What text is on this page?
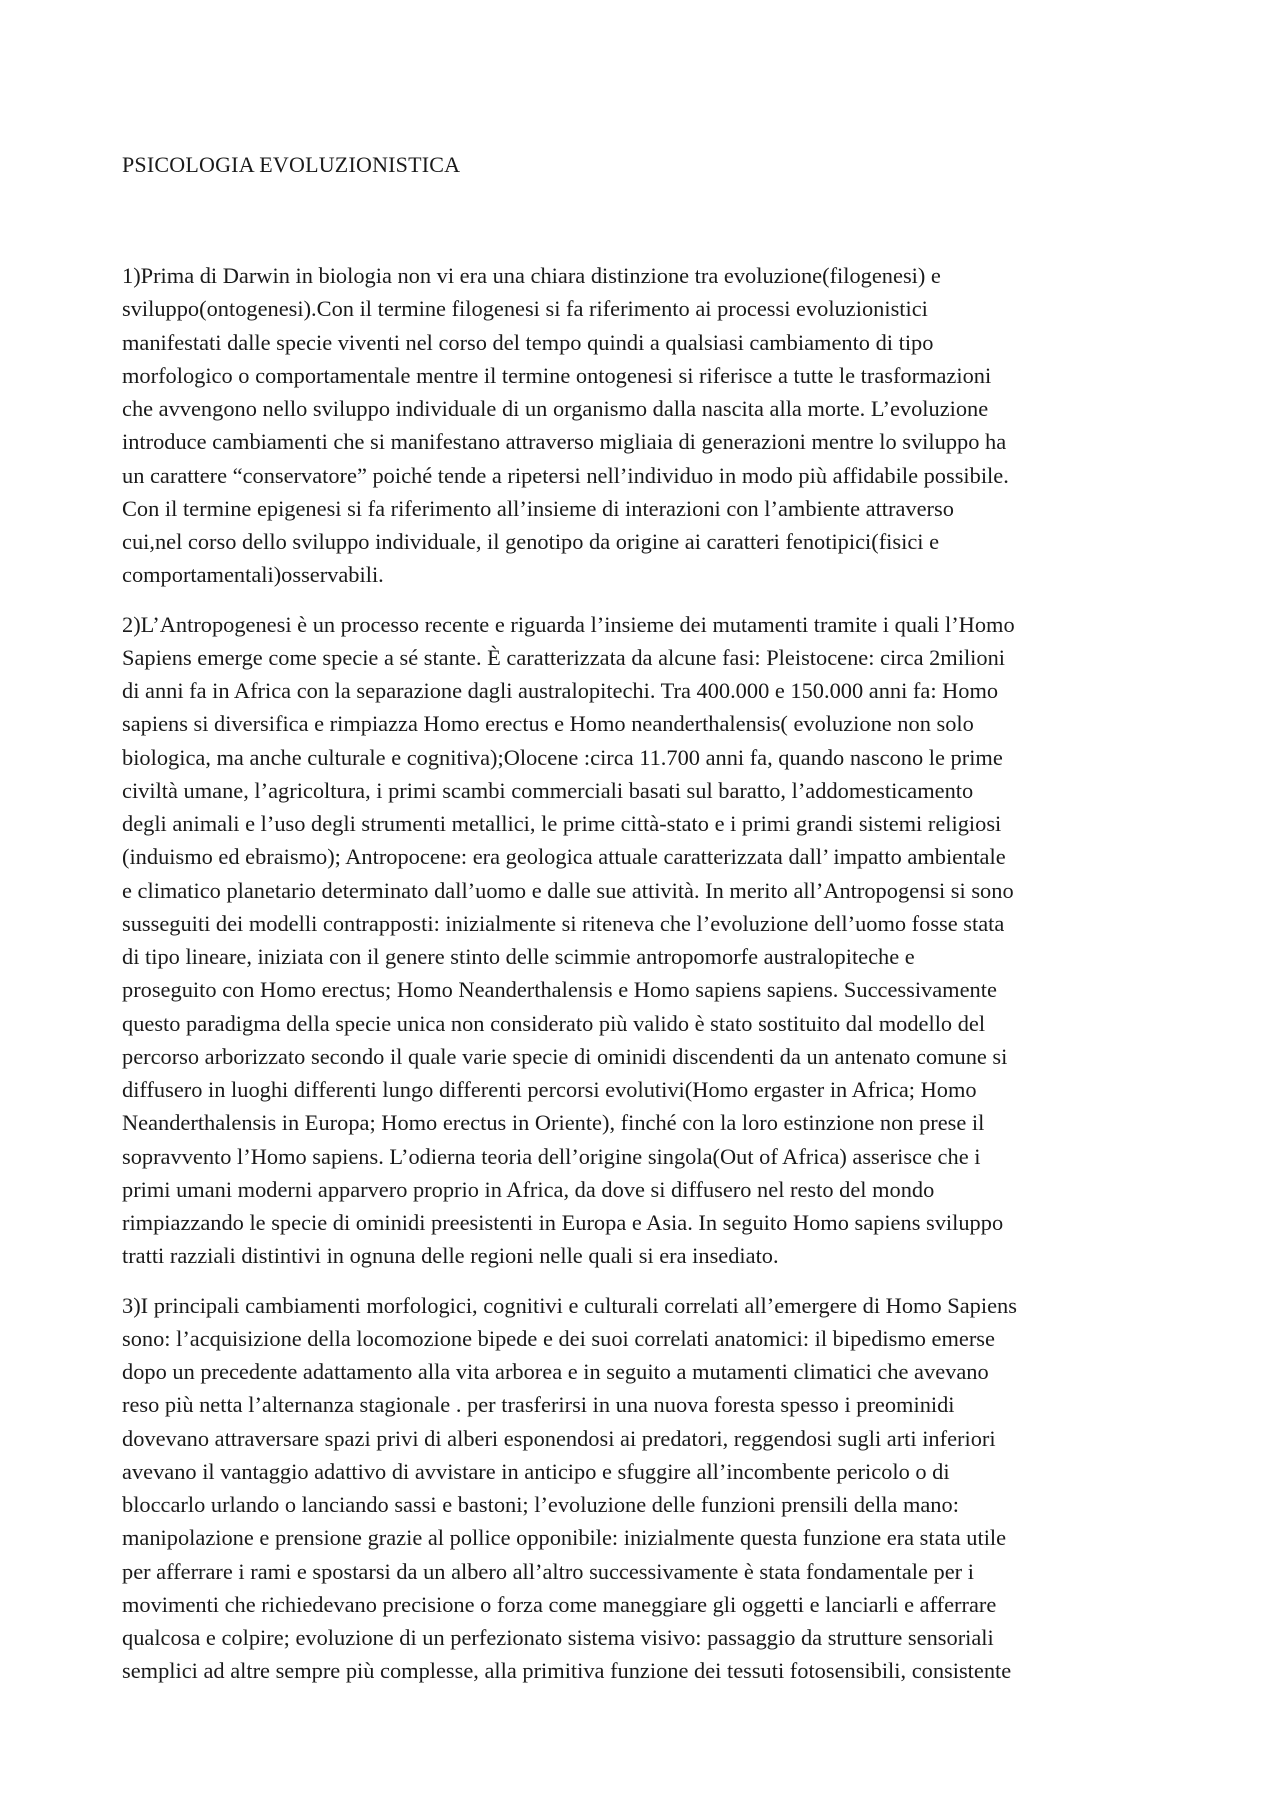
PSICOLOGIA EVOLUZIONISTICA
1)Prima di Darwin in biologia non vi era una chiara distinzione tra evoluzione(filogenesi) e
sviluppo(ontogenesi).Con il termine filogenesi si fa riferimento ai processi evoluzionistici
manifestati dalle specie viventi nel corso del tempo quindi a qualsiasi cambiamento di tipo
morfologico o comportamentale mentre il termine ontogenesi si riferisce a tutte le trasformazioni
che avvengono nello sviluppo individuale di un organismo dalla nascita alla morte. L’evoluzione
introduce cambiamenti che si manifestano attraverso migliaia di generazioni mentre lo sviluppo ha
un carattere “conservatore” poiché tende a ripetersi nell’individuo in modo più affidabile possibile.
Con il termine epigenesi si fa riferimento all’insieme di interazioni con l’ambiente attraverso
cui,nel corso dello sviluppo individuale, il genotipo da origine ai caratteri fenotipici(fisici e
comportamentali)osservabili.
2)L’Antropogenesi è un processo recente e riguarda l’insieme dei mutamenti tramite i quali l’Homo
Sapiens emerge come specie a sé stante. È caratterizzata da alcune fasi: Pleistocene: circa 2milioni
di anni fa in Africa con la separazione dagli australopitechi. Tra 400.000 e 150.000 anni fa: Homo
sapiens si diversifica e rimpiazza Homo erectus e Homo neanderthalensis( evoluzione non solo
biologica, ma anche culturale e cognitiva);Olocene :circa 11.700 anni fa, quando nascono le prime
civiltà umane, l’agricoltura, i primi scambi commerciali basati sul baratto, l’addomesticamento
degli animali e l’uso degli strumenti metallici, le prime città-stato e i primi grandi sistemi religiosi
(induismo ed ebraismo); Antropocene: era geologica attuale caratterizzata dall’ impatto ambientale
e climatico planetario determinato dall’uomo e dalle sue attività. In merito all’Antropogensi si sono
susseguiti dei modelli contrapposti: inizialmente si riteneva che l’evoluzione dell’uomo fosse stata
di tipo lineare, iniziata con il genere stinto delle scimmie antropomorfe australopiteche e
proseguito con Homo erectus; Homo Neanderthalensis e Homo sapiens sapiens. Successivamente
questo paradigma della specie unica non considerato più valido è stato sostituito dal modello del
percorso arborizzato secondo il quale varie specie di ominidi discendenti da un antenato comune si
diffusero in luoghi differenti lungo differenti percorsi evolutivi(Homo ergaster in Africa; Homo
Neanderthalensis in Europa; Homo erectus in Oriente), finché con la loro estinzione non prese il
sopravvento l’Homo sapiens. L’odierna teoria dell’origine singola(Out of Africa) asserisce che i
primi umani moderni apparvero proprio in Africa, da dove si diffusero nel resto del mondo
rimpiazzando le specie di ominidi preesistenti in Europa e Asia. In seguito Homo sapiens sviluppo
tratti razziali distintivi in ognuna delle regioni nelle quali si era insediato.
3)I principali cambiamenti morfologici, cognitivi e culturali correlati all’emergere di Homo Sapiens
sono: l’acquisizione della locomozione bipede e dei suoi correlati anatomici: il bipedismo emerse
dopo un precedente adattamento alla vita arborea e in seguito a mutamenti climatici che avevano
reso più netta l’alternanza stagionale . per trasferirsi in una nuova foresta spesso i preominidi
dovevano attraversare spazi privi di alberi esponendosi ai predatori, reggendosi sugli arti inferiori
avevano il vantaggio adattivo di avvistare in anticipo e sfuggire all’incombente pericolo o di
bloccarlo urlando o lanciando sassi e bastoni; l’evoluzione delle funzioni prensili della mano:
manipolazione e prensione grazie al pollice opponibile: inizialmente questa funzione era stata utile
per afferrare i rami e spostarsi da un albero all’altro successivamente è stata fondamentale per i
movimenti che richiedevano precisione o forza come maneggiare gli oggetti e lanciarli e afferrare
qualcosa e colpire; evoluzione di un perfezionato sistema visivo: passaggio da strutture sensoriali
semplici ad altre sempre più complesse, alla primitiva funzione dei tessuti fotosensibili, consistente
